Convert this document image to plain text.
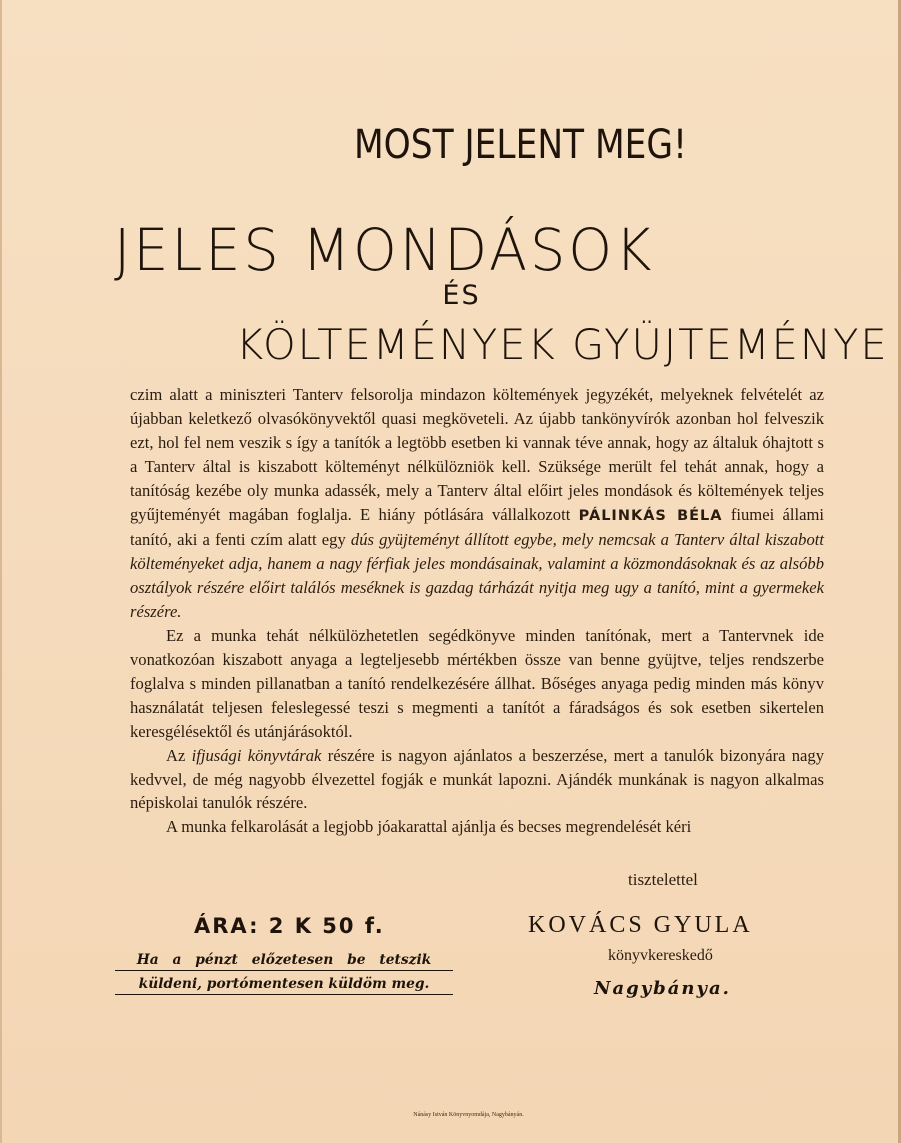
MOST JELENT MEG!
JELES MONDÁSOK
ÉS
KÖLTEMÉNYEK GYÜJTEMÉNYE

czim alatt a miniszteri Tanterv felsorolja mindazon költemények jegyzékét, melyeknek felvételét az újabban keletkező olvasókönyvektől quasi megköveteli. Az újabb tankönyvírók azonban hol felveszik ezt, hol fel nem veszik s így a tanítók a legtöbb esetben ki vannak téve annak, hogy az általuk óhajtott s a Tanterv által is kiszabott költeményt nélkülözniök kell. Szüksége merült fel tehát annak, hogy a tanítóság kezébe oly munka adassék, mely a Tanterv által előirt jeles mondások és költemények teljes gyűjteményét magában foglalja. E hiány pótlására vállalkozott PÁLINKÁS BÉLA fiumei állami tanító, aki a fenti czím alatt egy dús gyüjteményt állított egybe, mely nemcsak a Tanterv által kiszabott költeményeket adja, hanem a nagy férfiak jeles mondásainak, valamint a közmondásoknak és az alsóbb osztályok részére előirt találós meséknek is gazdag tárházát nyitja meg ugy a tanító, mint a gyermekek részére.

Ez a munka tehát nélkülözhetetlen segédkönyve minden tanítónak, mert a Tantervnek ide vonatkozóan kiszabott anyaga a legteljesebb mértékben össze van benne gyüjtve, teljes rendszerbe foglalva s minden pillanatban a tanító rendelkezésére állhat. Bőséges anyaga pedig minden más könyv használatát teljesen feleslegessé teszi s megmenti a tanítót a fáradságos és sok esetben sikertelen keresgélésektől és utánjárásoktól.

Az ifjusági könyvtárak részére is nagyon ajánlatos a beszerzése, mert a tanulók bizonyára nagy kedvvel, de még nagyobb élvezettel fogják e munkát lapozni. Ajándék munkának is nagyon alkalmas népiskolai tanulók részére.

A munka felkarolását a legjobb jóakarattal ajánlja és becses megrendelését kéri

tisztelettel
ÁRA: 2 K 50 f.
Ha a pénzt előzetesen be tetszik
küldeni, portómentesen küldöm meg.
KOVÁCS GYULA
könyvkereskedő
Nagybánya.
Nánásy István Könyvnyomdája, Nagybányán.
